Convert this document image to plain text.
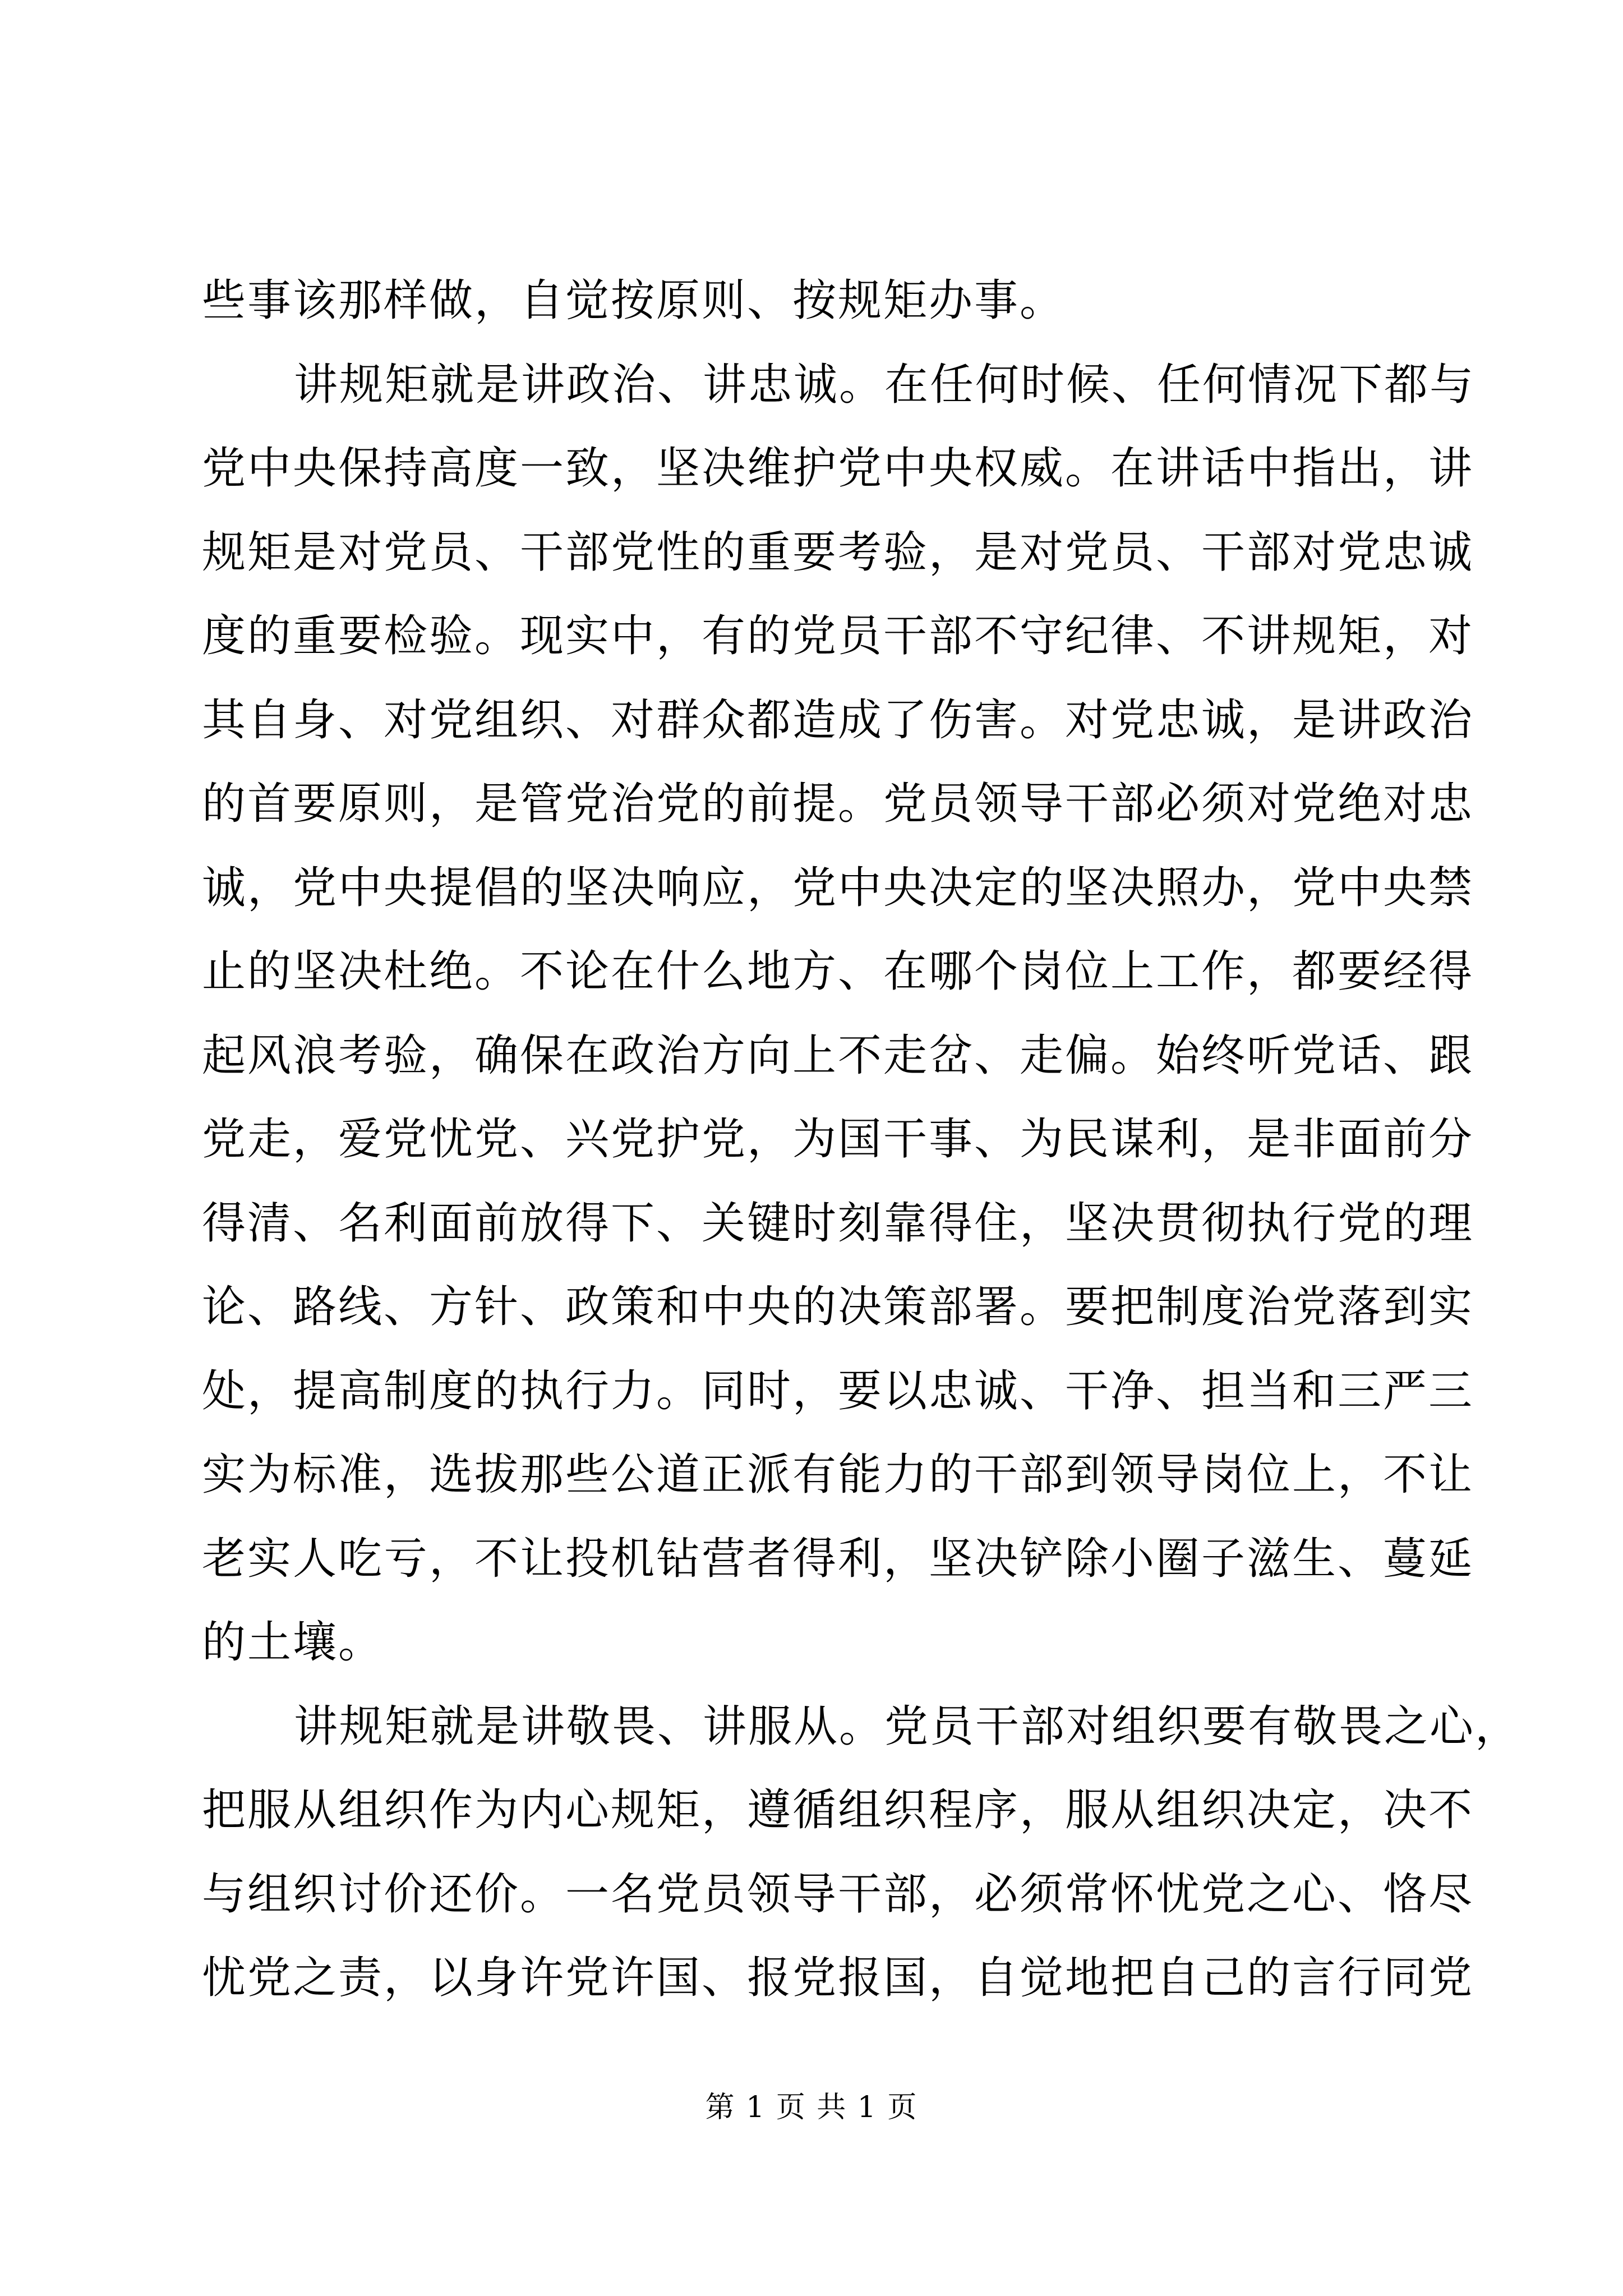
些事该那样做，自觉按原则、按规矩办事。
讲规矩就是讲政治、讲忠诚。在任何时候、任何情况下都与
党中央保持高度一致，坚决维护党中央权威。在讲话中指出，讲
规矩是对党员、干部党性的重要考验，是对党员、干部对党忠诚
度的重要检验。现实中，有的党员干部不守纪律、不讲规矩，对
其自身、对党组织、对群众都造成了伤害。对党忠诚，是讲政治
的首要原则，是管党治党的前提。党员领导干部必须对党绝对忠
诚，党中央提倡的坚决响应，党中央决定的坚决照办，党中央禁
止的坚决杜绝。不论在什么地方、在哪个岗位上工作，都要经得
起风浪考验，确保在政治方向上不走岔、走偏。始终听党话、跟
党走，爱党忧党、兴党护党，为国干事、为民谋利，是非面前分
得清、名利面前放得下、关键时刻靠得住，坚决贯彻执行党的理
论、路线、方针、政策和中央的决策部署。要把制度治党落到实
处，提高制度的执行力。同时，要以忠诚、干净、担当和三严三
实为标准，选拔那些公道正派有能力的干部到领导岗位上，不让
老实人吃亏，不让投机钻营者得利，坚决铲除小圈子滋生、蔓延
的土壤。
讲规矩就是讲敬畏、讲服从。党员干部对组织要有敬畏之心，
把服从组织作为内心规矩，遵循组织程序，服从组织决定，决不
与组织讨价还价。一名党员领导干部，必须常怀忧党之心、恪尽
忧党之责，以身许党许国、报党报国，自觉地把自己的言行同党
第 1 页 共 1 页
